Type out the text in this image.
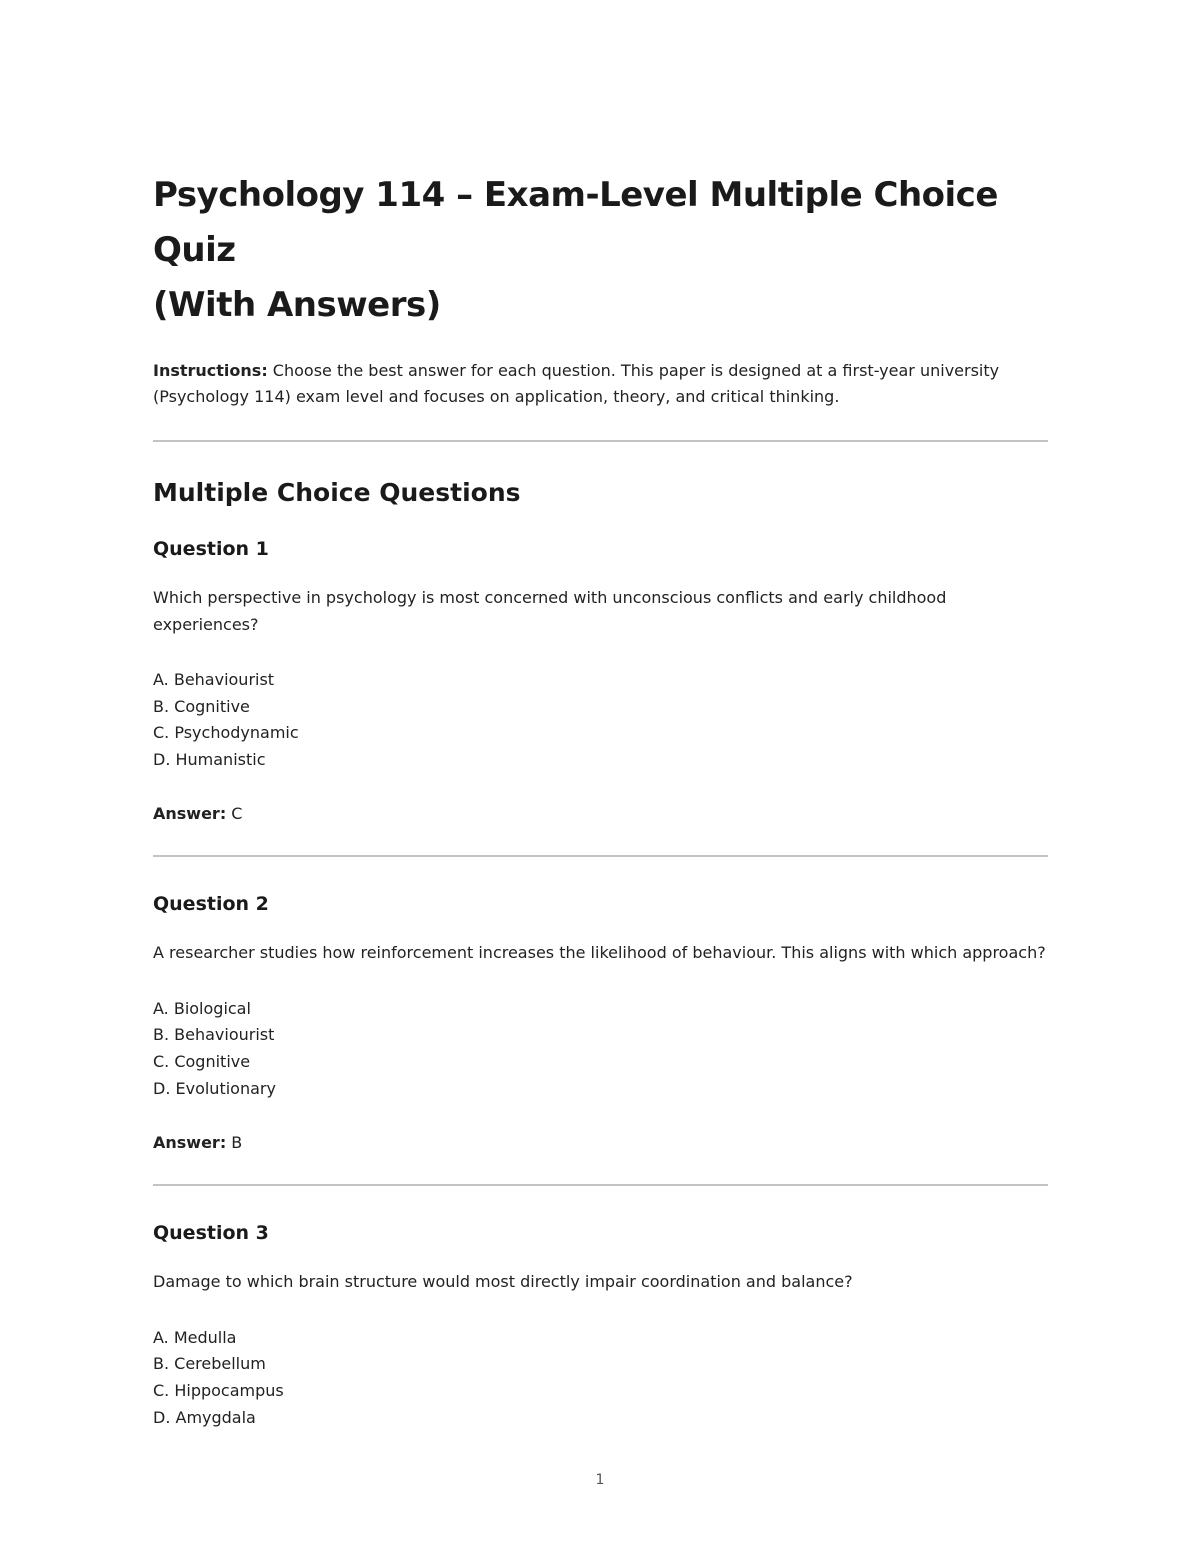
Psychology 114 – Exam-Level Multiple Choice Quiz
(With Answers)

Instructions: Choose the best answer for each question. This paper is designed at a first-year university (Psychology 114) exam level and focuses on application, theory, and critical thinking.

Multiple Choice Questions
Question 1

Which perspective in psychology is most concerned with unconscious conflicts and early childhood experiences?

A. Behaviourist
B. Cognitive
C. Psychodynamic
D. Humanistic

Answer: C

Question 2

A researcher studies how reinforcement increases the likelihood of behaviour. This aligns with which approach?

A. Biological
B. Behaviourist
C. Cognitive
D. Evolutionary

Answer: B

Question 3

Damage to which brain structure would most directly impair coordination and balance?

A. Medulla
B. Cerebellum
C. Hippocampus
D. Amygdala
1
